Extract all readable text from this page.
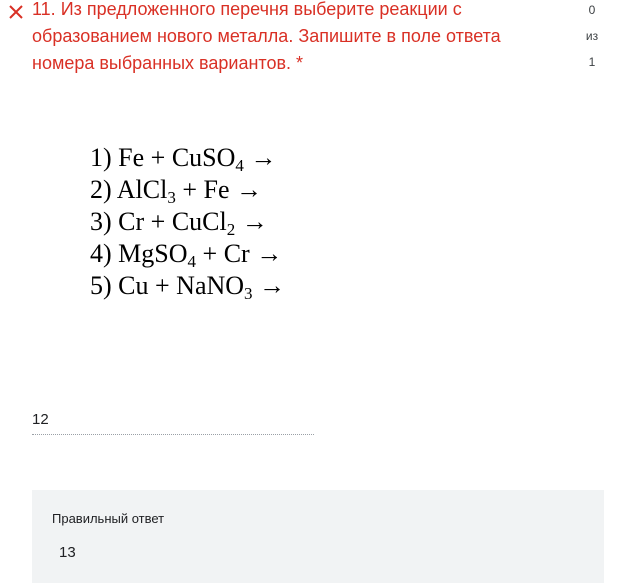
11. Из предложенного перечня выберите реакции с образованием нового металла. Запишите в поле ответа номера выбранных вариантов. *
0
из
1
1) Fe + CuSO$_4$ →
2) AlCl$_3$ + Fe →
3) Cr + CuCl$_2$ →
4) MgSO$_4$ + Cr →
5) Cu + NaNO$_3$ →
12
Правильный ответ
13
